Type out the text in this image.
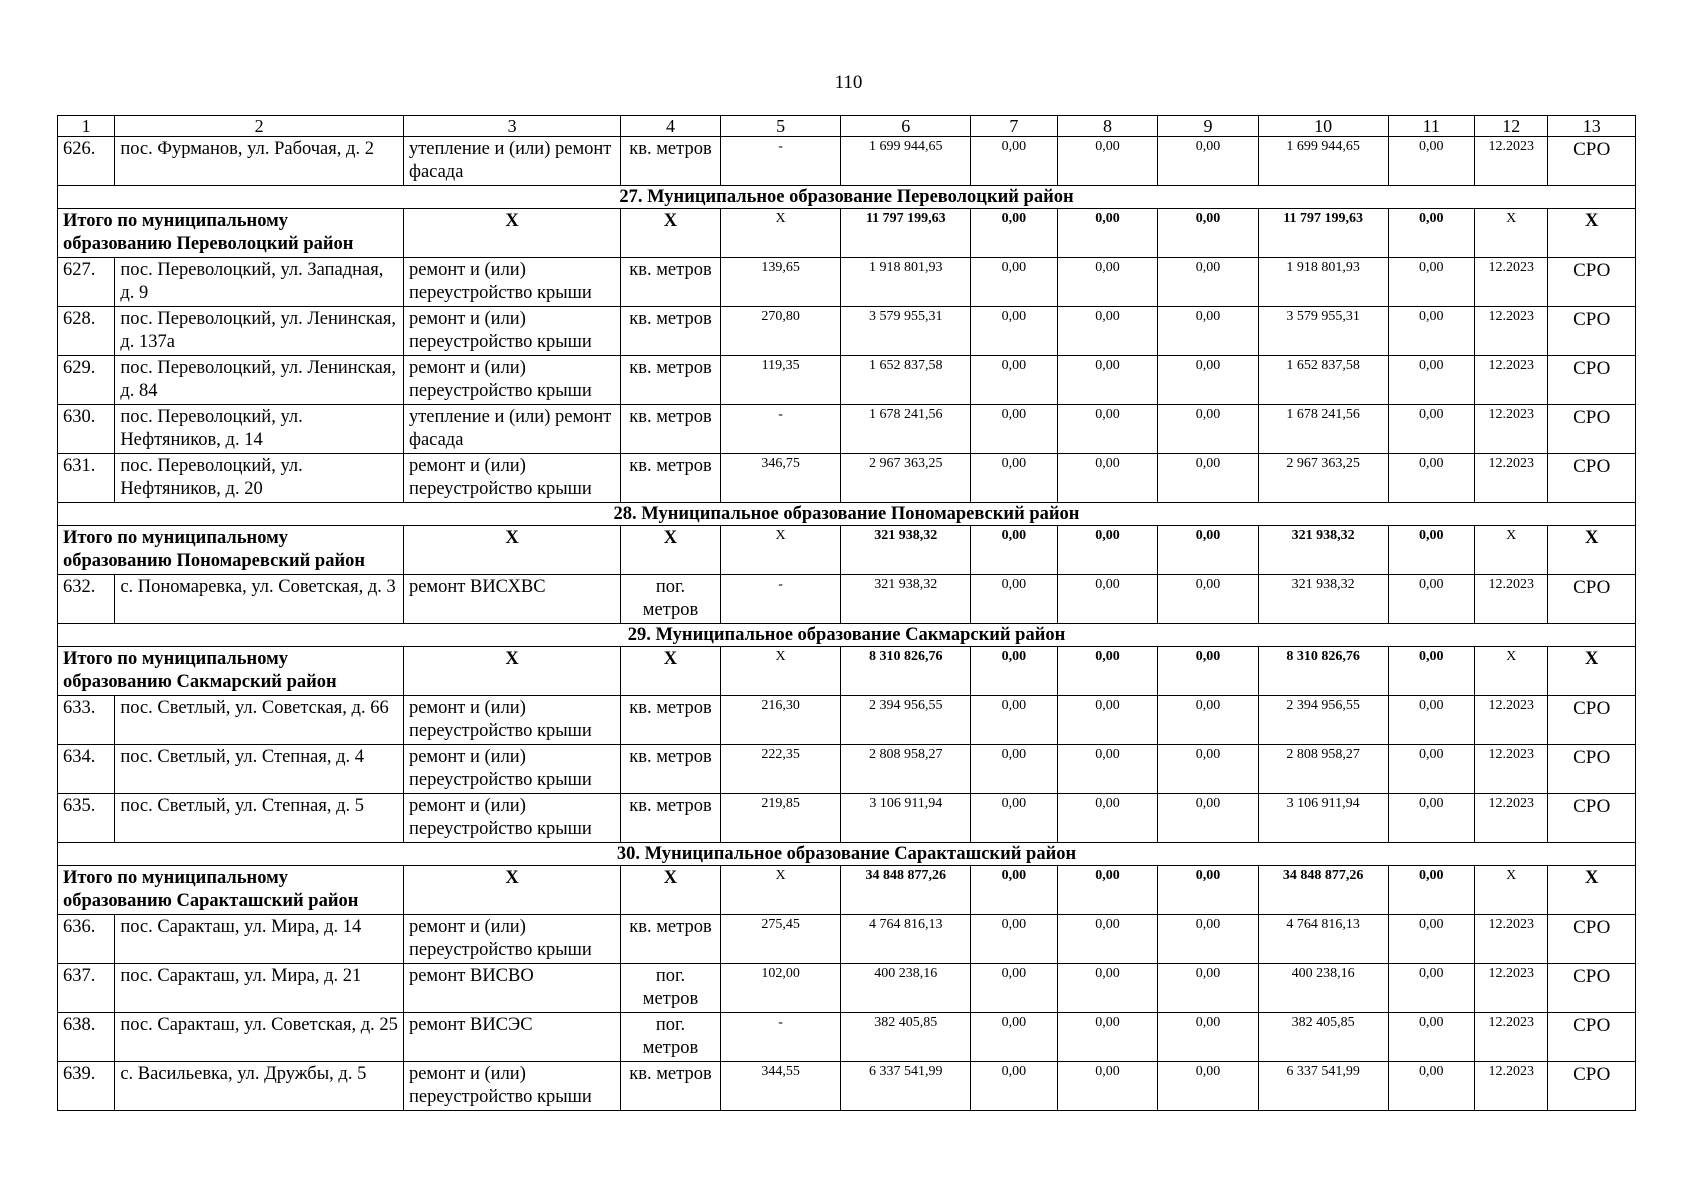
110
1	2	3	4	5	6	7	8	9	10	11	12	13
626.	пос. Фурманов, ул. Рабочая, д. 2	утепление и (или) ремонт фасада	кв. метров	-	1 699 944,65	0,00	0,00	0,00	1 699 944,65	0,00	12.2023	СРО
27. Муниципальное образование Переволоцкий район												
Итого по муниципальному образованию Переволоцкий район		X	X	X	11 797 199,63	0,00	0,00	0,00	11 797 199,63	0,00	X	X
627.	пос. Переволоцкий, ул. Западная, д. 9	ремонт и (или) переустройство крыши	кв. метров	139,65	1 918 801,93	0,00	0,00	0,00	1 918 801,93	0,00	12.2023	СРО
628.	пос. Переволоцкий, ул. Ленинская, д. 137а	ремонт и (или) переустройство крыши	кв. метров	270,80	3 579 955,31	0,00	0,00	0,00	3 579 955,31	0,00	12.2023	СРО
629.	пос. Переволоцкий, ул. Ленинская, д. 84	ремонт и (или) переустройство крыши	кв. метров	119,35	1 652 837,58	0,00	0,00	0,00	1 652 837,58	0,00	12.2023	СРО
630.	пос. Переволоцкий, ул. Нефтяников, д. 14	утепление и (или) ремонт фасада	кв. метров	-	1 678 241,56	0,00	0,00	0,00	1 678 241,56	0,00	12.2023	СРО
631.	пос. Переволоцкий, ул. Нефтяников, д. 20	ремонт и (или) переустройство крыши	кв. метров	346,75	2 967 363,25	0,00	0,00	0,00	2 967 363,25	0,00	12.2023	СРО
28. Муниципальное образование Пономаревский район												
Итого по муниципальному образованию Пономаревский район		X	X	X	321 938,32	0,00	0,00	0,00	321 938,32	0,00	X	X
632.	с. Пономаревка, ул. Советская, д. 3	ремонт ВИСХВС	пог. метров	-	321 938,32	0,00	0,00	0,00	321 938,32	0,00	12.2023	СРО
29. Муниципальное образование Сакмарский район												
Итого по муниципальному образованию Сакмарский район		X	X	X	8 310 826,76	0,00	0,00	0,00	8 310 826,76	0,00	X	X
633.	пос. Светлый, ул. Советская, д. 66	ремонт и (или) переустройство крыши	кв. метров	216,30	2 394 956,55	0,00	0,00	0,00	2 394 956,55	0,00	12.2023	СРО
634.	пос. Светлый, ул. Степная, д. 4	ремонт и (или) переустройство крыши	кв. метров	222,35	2 808 958,27	0,00	0,00	0,00	2 808 958,27	0,00	12.2023	СРО
635.	пос. Светлый, ул. Степная, д. 5	ремонт и (или) переустройство крыши	кв. метров	219,85	3 106 911,94	0,00	0,00	0,00	3 106 911,94	0,00	12.2023	СРО
30. Муниципальное образование Саракташский район												
Итого по муниципальному образованию Саракташский район		X	X	X	34 848 877,26	0,00	0,00	0,00	34 848 877,26	0,00	X	X
636.	пос. Саракташ, ул. Мира, д. 14	ремонт и (или) переустройство крыши	кв. метров	275,45	4 764 816,13	0,00	0,00	0,00	4 764 816,13	0,00	12.2023	СРО
637.	пос. Саракташ, ул. Мира, д. 21	ремонт ВИСВО	пог. метров	102,00	400 238,16	0,00	0,00	0,00	400 238,16	0,00	12.2023	СРО
638.	пос. Саракташ, ул. Советская, д. 25	ремонт ВИСЭС	пог. метров	-	382 405,85	0,00	0,00	0,00	382 405,85	0,00	12.2023	СРО
639.	с. Васильевка, ул. Дружбы, д. 5	ремонт и (или) переустройство крыши	кв. метров	344,55	6 337 541,99	0,00	0,00	0,00	6 337 541,99	0,00	12.2023	СРО
